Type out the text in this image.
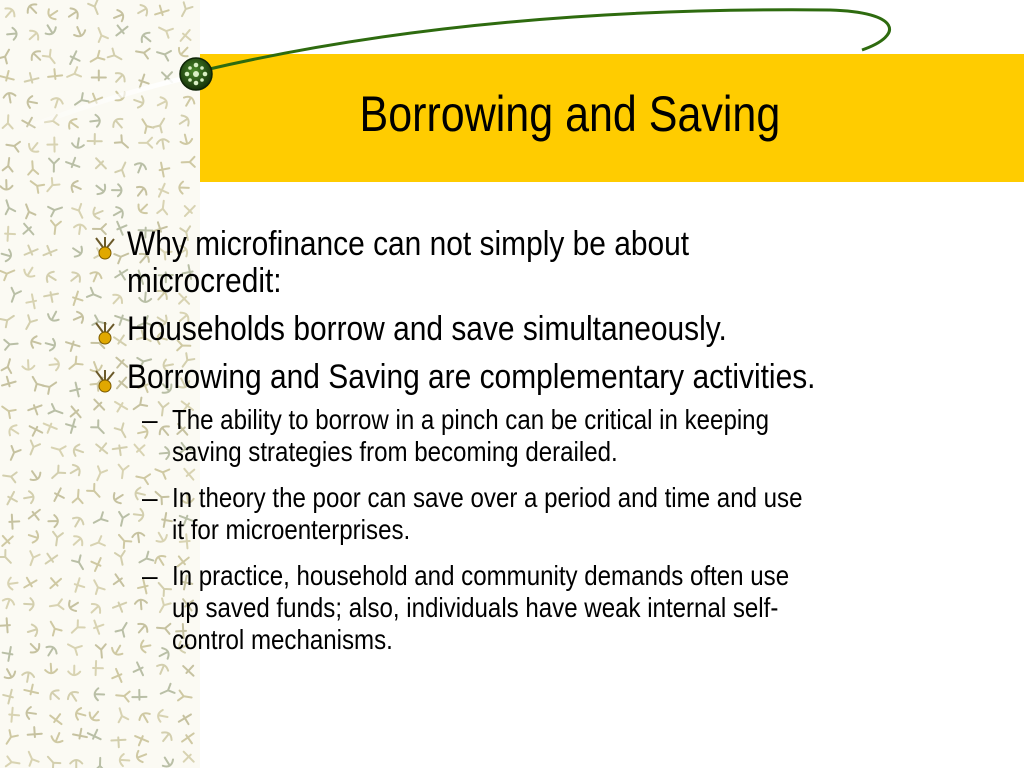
Borrowing and Saving
Why microfinance can not simply be about
microcredit:
Households borrow and save simultaneously.
Borrowing and Saving are complementary activities.
– The ability to borrow in a pinch can be critical in keeping
saving strategies from becoming derailed.
– In theory the poor can save over a period and time and use
it for microenterprises.
– In practice, household and community demands often use
up saved funds; also, individuals have weak internal self-
control mechanisms.
